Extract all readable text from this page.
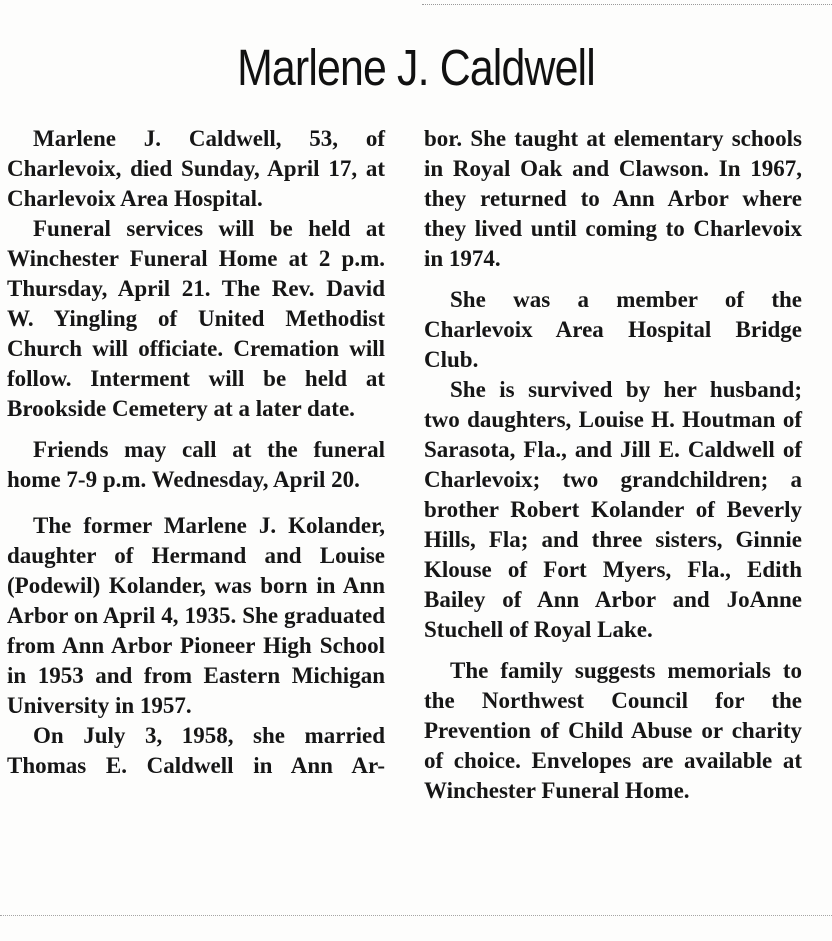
Marlene J. Caldwell

Marlene J. Caldwell, 53, of Charlevoix, died Sunday, April 17, at Charlevoix Area Hospital.

Funeral services will be held at Winchester Funeral Home at 2 p.m. Thursday, April 21. The Rev. David W. Yingling of United Methodist Church will officiate. Cremation will follow. Interment will be held at Brookside Cemetery at a later date.

Friends may call at the funeral home 7-9 p.m. Wednesday, April 20.

The former Marlene J. Kolander, daughter of Hermand and Louise (Podewil) Kolander, was born in Ann Arbor on April 4, 1935. She graduated from Ann Arbor Pioneer High School in 1953 and from Eastern Michigan University in 1957.

On July 3, 1958, she married Thomas E. Caldwell in Ann Ar-

bor. She taught at elementary schools in Royal Oak and Clawson. In 1967, they returned to Ann Arbor where they lived until coming to Charlevoix in 1974.

She was a member of the Charlevoix Area Hospital Bridge Club.

She is survived by her husband; two daughters, Louise H. Houtman of Sarasota, Fla., and Jill E. Caldwell of Charlevoix; two grandchildren; a brother Robert Kolander of Beverly Hills, Fla; and three sisters, Ginnie Klouse of Fort Myers, Fla., Edith Bailey of Ann Arbor and JoAnne Stuchell of Royal Lake.

The family suggests memorials to the Northwest Council for the Prevention of Child Abuse or charity of choice. Envelopes are available at Winchester Funeral Home.
